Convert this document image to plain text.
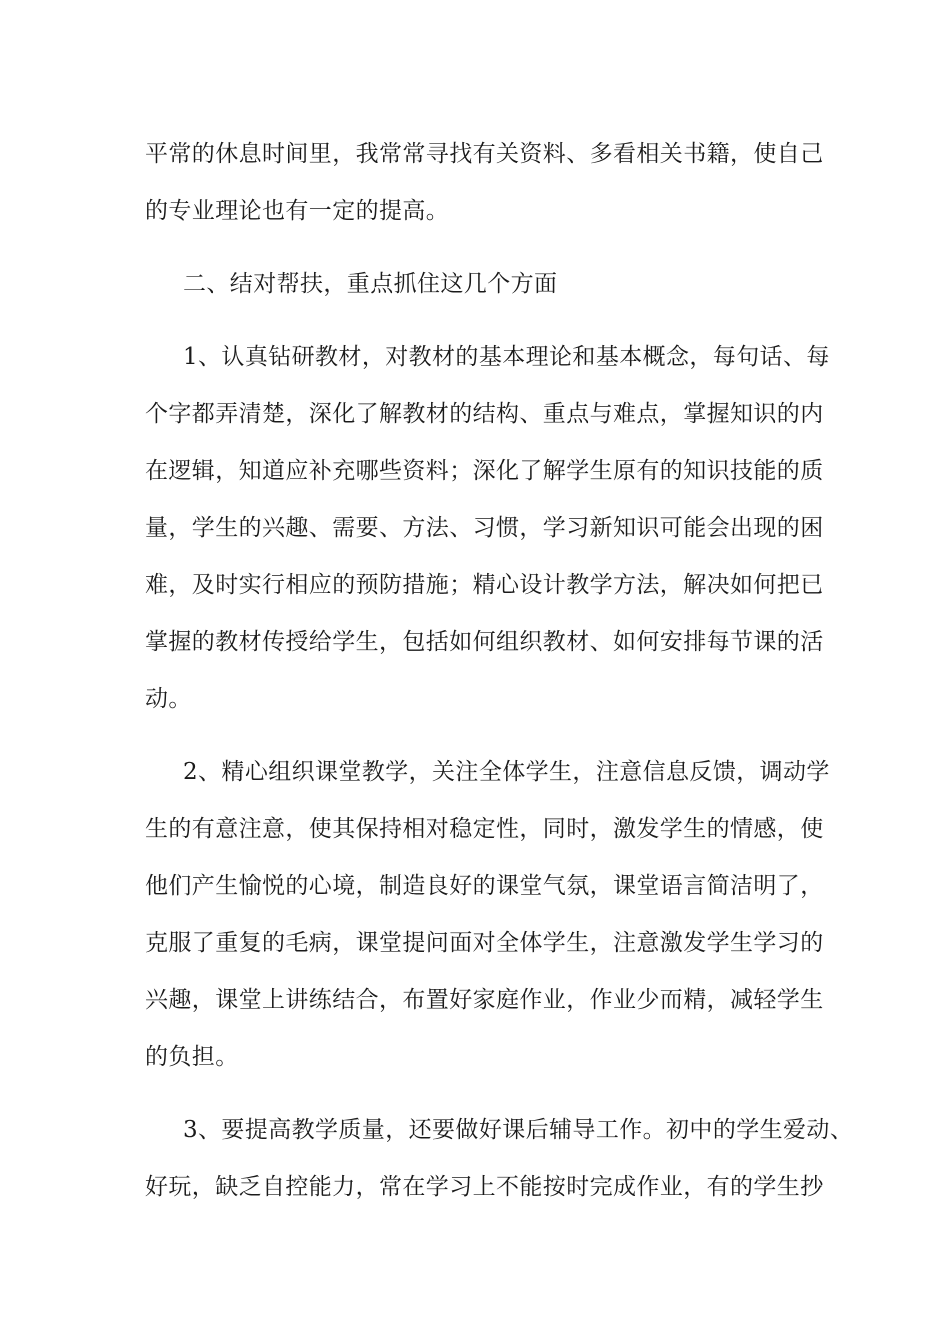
平常的休息时间里，我常常寻找有关资料、多看相关书籍，使自己
的专业理论也有一定的提高。

二、结对帮扶，重点抓住这几个方面

1、认真钻研教材，对教材的基本理论和基本概念，每句话、每
个字都弄清楚，深化了解教材的结构、重点与难点，掌握知识的内
在逻辑，知道应补充哪些资料；深化了解学生原有的知识技能的质
量，学生的兴趣、需要、方法、习惯，学习新知识可能会出现的困
难，及时实行相应的预防措施；精心设计教学方法，解决如何把已
掌握的教材传授给学生，包括如何组织教材、如何安排每节课的活
动。

2、精心组织课堂教学，关注全体学生，注意信息反馈，调动学
生的有意注意，使其保持相对稳定性，同时，激发学生的情感，使
他们产生愉悦的心境，制造良好的课堂气氛，课堂语言简洁明了，
克服了重复的毛病，课堂提问面对全体学生，注意激发学生学习的
兴趣，课堂上讲练结合，布置好家庭作业，作业少而精，减轻学生
的负担。

3、要提高教学质量，还要做好课后辅导工作。初中的学生爱动、
好玩，缺乏自控能力，常在学习上不能按时完成作业，有的学生抄
